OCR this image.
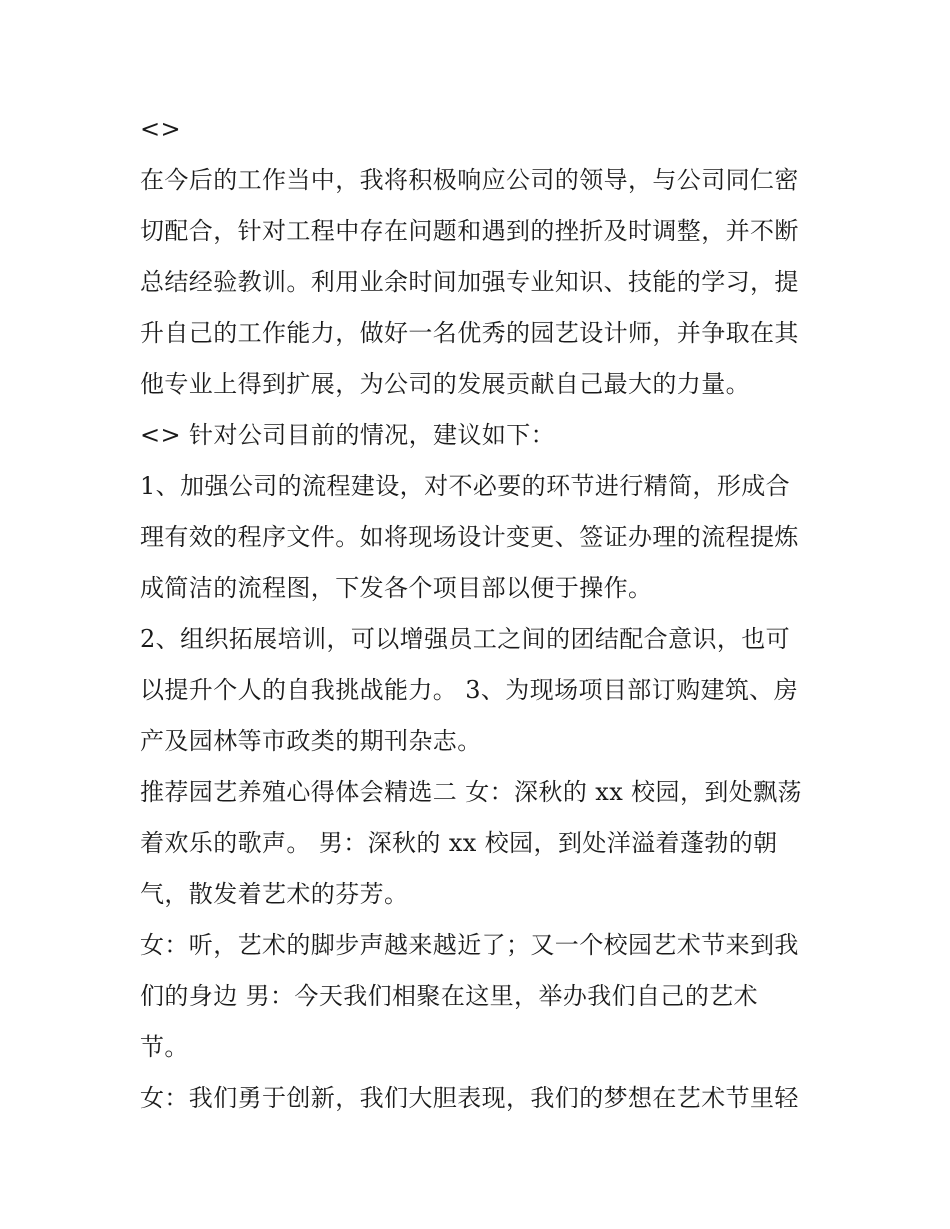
<>
在今后的工作当中，我将积极响应公司的领导，与公司同仁密
切配合，针对工程中存在问题和遇到的挫折及时调整，并不断
总结经验教训。利用业余时间加强专业知识、技能的学习，提
升自己的工作能力，做好一名优秀的园艺设计师，并争取在其
他专业上得到扩展，为公司的发展贡献自己最大的力量。
<> 针对公司目前的情况，建议如下：
1、加强公司的流程建设，对不必要的环节进行精简，形成合
理有效的程序文件。如将现场设计变更、签证办理的流程提炼
成简洁的流程图，下发各个项目部以便于操作。
2、组织拓展培训，可以增强员工之间的团结配合意识，也可
以提升个人的自我挑战能力。 3、为现场项目部订购建筑、房
产及园林等市政类的期刊杂志。
推荐园艺养殖心得体会精选二 女：深秋的 xx 校园，到处飘荡
着欢乐的歌声。 男：深秋的 xx 校园，到处洋溢着蓬勃的朝
气，散发着艺术的芬芳。
女：听，艺术的脚步声越来越近了；又一个校园艺术节来到我
们的身边 男：今天我们相聚在这里，举办我们自己的艺术
节。
女：我们勇于创新，我们大胆表现，我们的梦想在艺术节里轻
